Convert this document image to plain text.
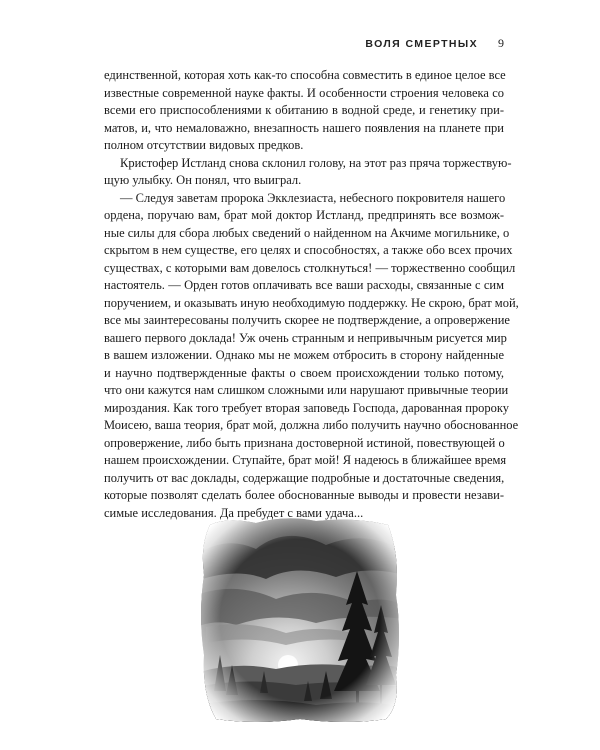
ВОЛЯ СМЕРТНЫХ 9
единственной, которая хоть как-то способна совместить в единое целое все
известные современной науке факты. И особенности строения человека со
всеми его приспособлениями к обитанию в водной среде, и генетику при-
матов, и, что немаловажно, внезапность нашего появления на планете при
полном отсутствии видовых предков.
Кристофер Истланд снова склонил голову, на этот раз пряча торжествую-
щую улыбку. Он понял, что выиграл.
— Следуя заветам пророка Экклезиаста, небесного покровителя нашего
ордена, поручаю вам, брат мой доктор Истланд, предпринять все возмож-
ные силы для сбора любых сведений о найденном на Акчиме могильнике, о
скрытом в нем существе, его целях и способностях, а также обо всех прочих
существах, с которыми вам довелось столкнуться! — торжественно сообщил
настоятель. — Орден готов оплачивать все ваши расходы, связанные с сим
поручением, и оказывать иную необходимую поддержку. Не скрою, брат мой,
все мы заинтересованы получить скорее не подтверждение, а опровержение
вашего первого доклада! Уж очень странным и непривычным рисуется мир
в вашем изложении. Однако мы не можем отбросить в сторону найденные
и научно подтвержденные факты о своем происхождении только потому,
что они кажутся нам слишком сложными или нарушают привычные теории
мироздания. Как того требует вторая заповедь Господа, дарованная пророку
Моисею, ваша теория, брат мой, должна либо получить научно обоснованное
опровержение, либо быть признана достоверной истиной, повествующей о
нашем происхождении. Ступайте, брат мой! Я надеюсь в ближайшее время
получить от вас доклады, содержащие подробные и достаточные сведения,
которые позволят сделать более обоснованные выводы и провести незави-
симые исследования. Да пребудет с вами удача...
